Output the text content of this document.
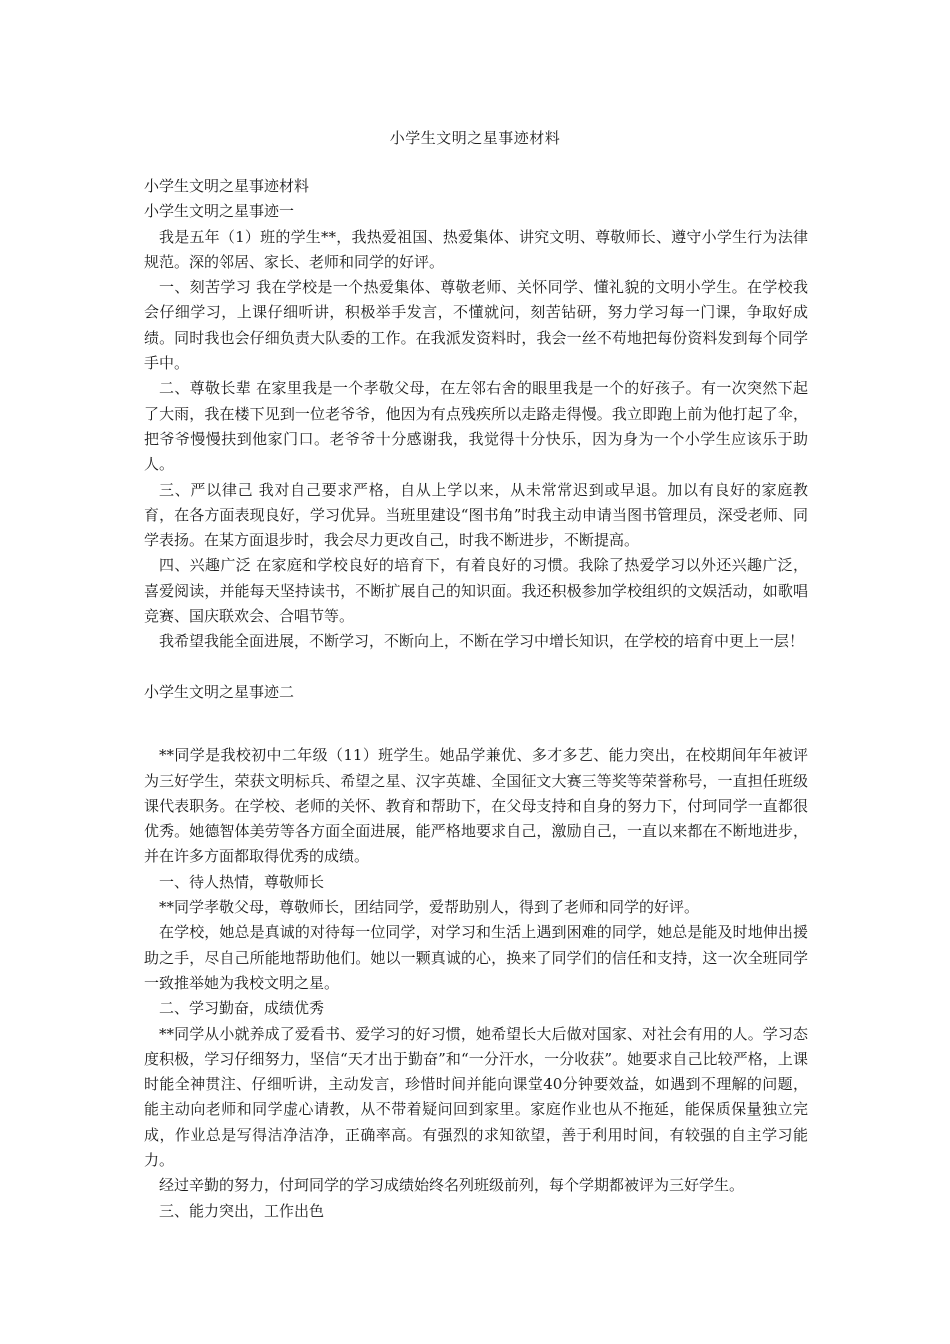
小学生文明之星事迹材料

小学生文明之星事迹材料

小学生文明之星事迹一

我是五年（1）班的学生**，我热爱祖国、热爱集体、讲究文明、尊敬师长、遵守小学生行为法律规范。深的邻居、家长、老师和同学的好评。

一、刻苦学习 我在学校是一个热爱集体、尊敬老师、关怀同学、懂礼貌的文明小学生。在学校我会仔细学习，上课仔细听讲，积极举手发言，不懂就问，刻苦钻研，努力学习每一门课，争取好成绩。同时我也会仔细负责大队委的工作。在我派发资料时，我会一丝不苟地把每份资料发到每个同学手中。

二、尊敬长辈 在家里我是一个孝敬父母，在左邻右舍的眼里我是一个的好孩子。有一次突然下起了大雨，我在楼下见到一位老爷爷，他因为有点残疾所以走路走得慢。我立即跑上前为他打起了伞，把爷爷慢慢扶到他家门口。老爷爷十分感谢我，我觉得十分快乐，因为身为一个小学生应该乐于助人。

三、严以律己 我对自己要求严格，自从上学以来，从未常常迟到或早退。加以有良好的家庭教育，在各方面表现良好，学习优异。当班里建设“图书角”时我主动申请当图书管理员，深受老师、同学表扬。在某方面退步时，我会尽力更改自己，时我不断进步，不断提高。

四、兴趣广泛 在家庭和学校良好的培育下，有着良好的习惯。我除了热爱学习以外还兴趣广泛，喜爱阅读，并能每天坚持读书，不断扩展自己的知识面。我还积极参加学校组织的文娱活动，如歌唱竞赛、国庆联欢会、合唱节等。

我希望我能全面进展，不断学习，不断向上，不断在学习中增长知识，在学校的培育中更上一层！

小学生文明之星事迹二

**同学是我校初中二年级（11）班学生。她品学兼优、多才多艺、能力突出，在校期间年年被评为三好学生，荣获文明标兵、希望之星、汉字英雄、全国征文大赛三等奖等荣誉称号，一直担任班级课代表职务。在学校、老师的关怀、教育和帮助下，在父母支持和自身的努力下，付珂同学一直都很优秀。她德智体美劳等各方面全面进展，能严格地要求自己，激励自己，一直以来都在不断地进步，并在许多方面都取得优秀的成绩。

一、待人热情，尊敬师长

**同学孝敬父母，尊敬师长，团结同学，爱帮助别人，得到了老师和同学的好评。

在学校，她总是真诚的对待每一位同学，对学习和生活上遇到困难的同学，她总是能及时地伸出援助之手，尽自己所能地帮助他们。她以一颗真诚的心，换来了同学们的信任和支持，这一次全班同学一致推举她为我校文明之星。

二、学习勤奋，成绩优秀

**同学从小就养成了爱看书、爱学习的好习惯，她希望长大后做对国家、对社会有用的人。学习态度积极，学习仔细努力，坚信“天才出于勤奋”和“一分汗水，一分收获”。她要求自己比较严格，上课时能全神贯注、仔细听讲，主动发言，珍惜时间并能向课堂40分钟要效益，如遇到不理解的问题，能主动向老师和同学虚心请教，从不带着疑问回到家里。家庭作业也从不拖延，能保质保量独立完成，作业总是写得洁净洁净，正确率高。有强烈的求知欲望，善于利用时间，有较强的自主学习能力。

经过辛勤的努力，付珂同学的学习成绩始终名列班级前列，每个学期都被评为三好学生。

三、能力突出，工作出色
